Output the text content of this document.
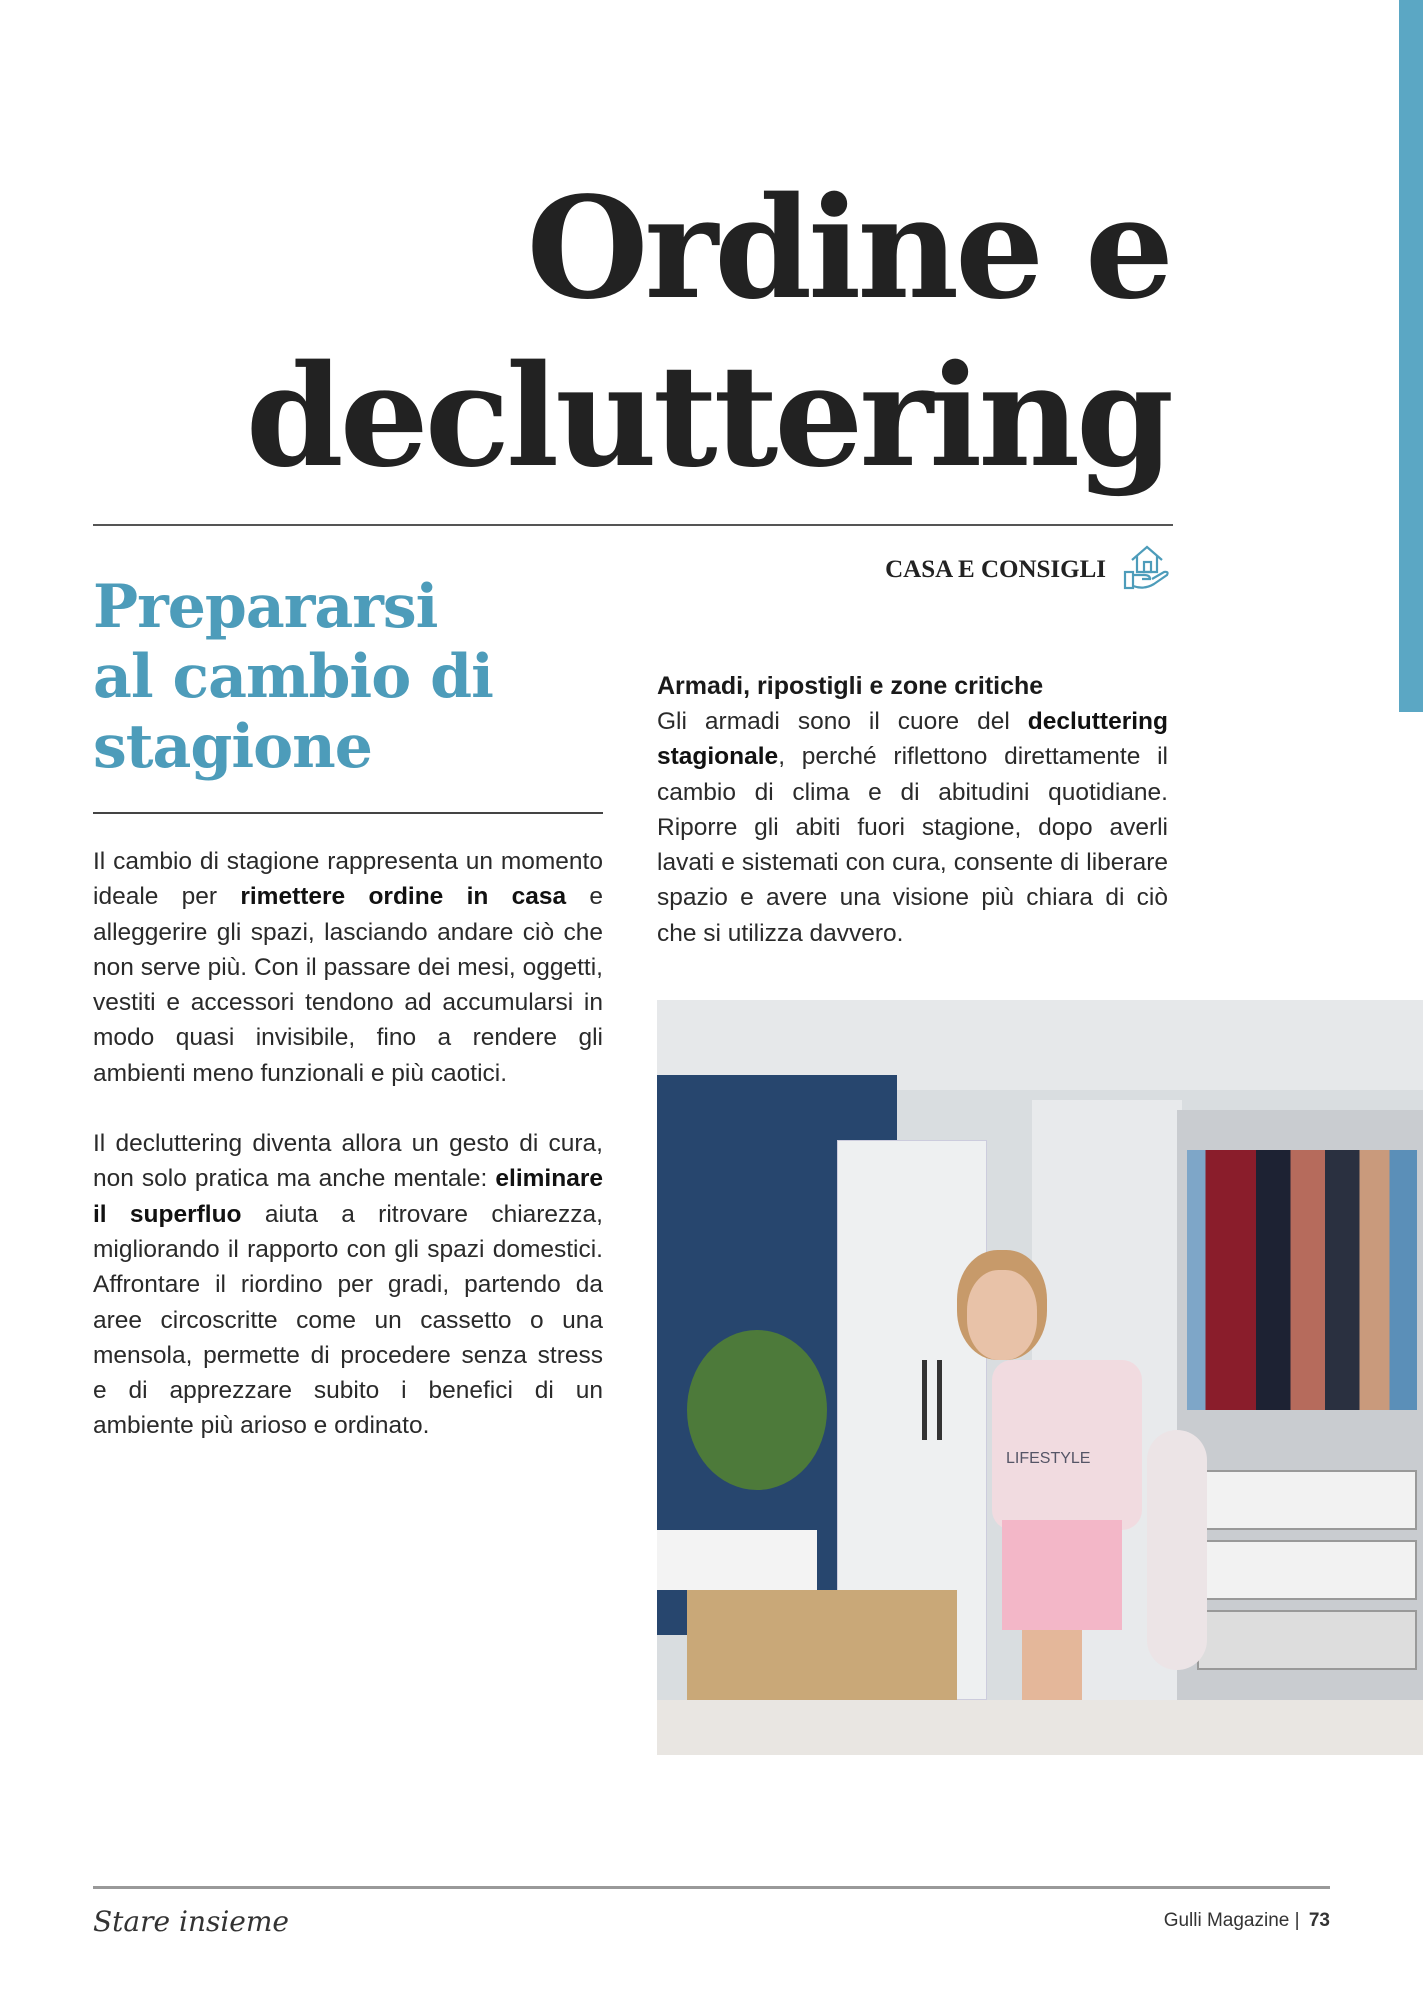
Ordine e
decluttering
CASA E CONSIGLI
Prepararsi
al cambio di
stagione

Il cambio di stagione rappresenta un momento ideale per rimettere ordine in casa e alleggerire gli spazi, lasciando andare ciò che non serve più. Con il passare dei mesi, oggetti, vestiti e accessori tendono ad accumularsi in modo quasi invisibile, fino a rendere gli ambienti meno funzionali e più caotici.

Il decluttering diventa allora un gesto di cura, non solo pratica ma anche mentale: eliminare il superfluo aiuta a ritrovare chiarezza, migliorando il rapporto con gli spazi domestici. Affrontare il riordino per gradi, partendo da aree circoscritte come un cassetto o una mensola, permette di procedere senza stress e di apprezzare subito i benefici di un ambiente più arioso e ordinato.

Armadi, ripostigli e zone critiche

Gli armadi sono il cuore del decluttering stagionale, perché riflettono direttamente il cambio di clima e di abitudini quotidiane. Riporre gli abiti fuori stagione, dopo averli lavati e sistemati con cura, consente di liberare spazio e avere una visione più chiara di ciò che si utilizza davvero.

LIFESTYLE
Stare insieme	Gulli Magazine | 73
